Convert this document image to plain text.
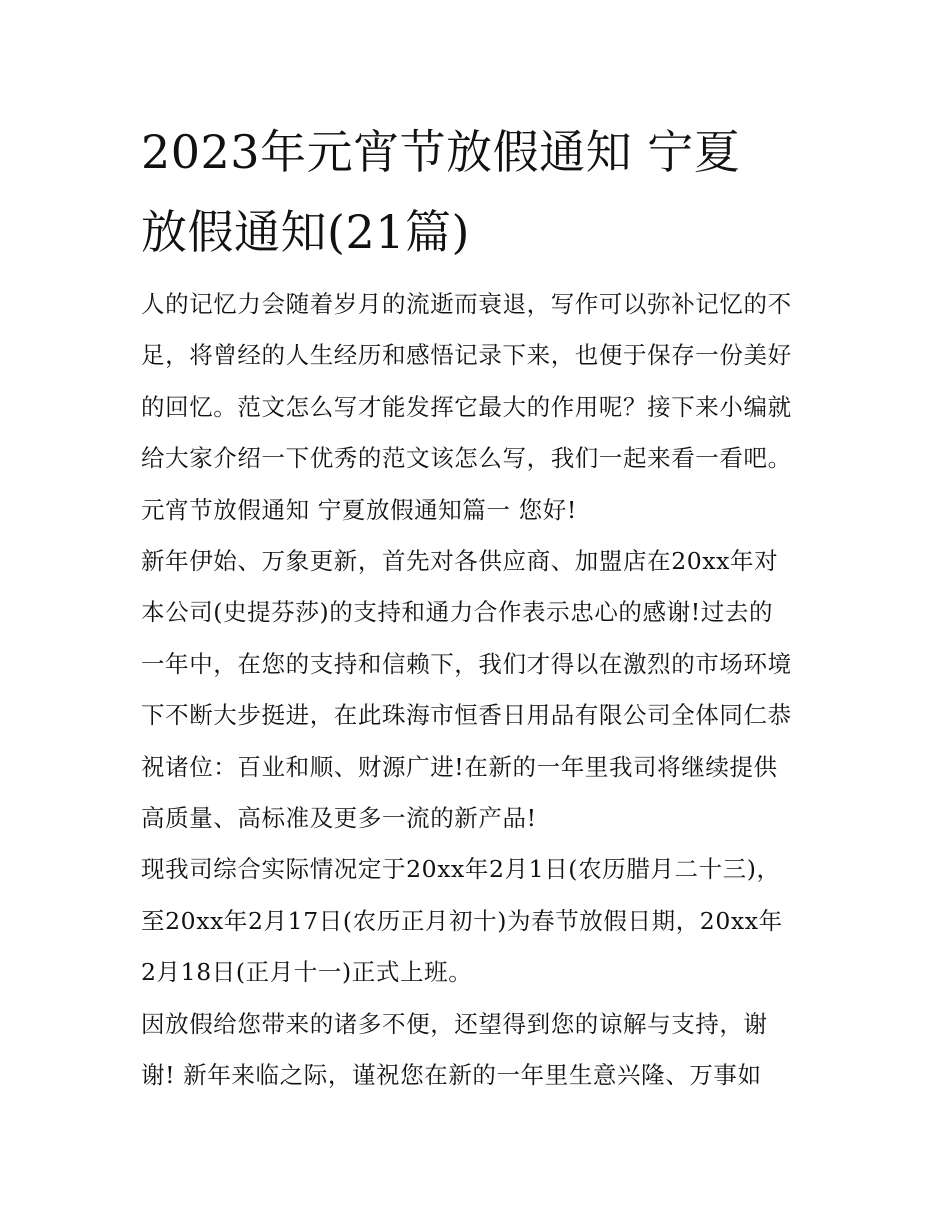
2023年元宵节放假通知 宁夏
放假通知(21篇)

人的记忆力会随着岁月的流逝而衰退，写作可以弥补记忆的不
足，将曾经的人生经历和感悟记录下来，也便于保存一份美好
的回忆。范文怎么写才能发挥它最大的作用呢？接下来小编就
给大家介绍一下优秀的范文该怎么写，我们一起来看一看吧。

元宵节放假通知 宁夏放假通知篇一 您好!

新年伊始、万象更新，首先对各供应商、加盟店在20xx年对
本公司(史提芬莎)的支持和通力合作表示忠心的感谢!过去的
一年中，在您的支持和信赖下，我们才得以在激烈的市场环境
下不断大步挺进，在此珠海市恒香日用品有限公司全体同仁恭
祝诸位：百业和顺、财源广进!在新的一年里我司将继续提供
高质量、高标准及更多一流的新产品!

现我司综合实际情况定于20xx年2月1日(农历腊月二十三)，
至20xx年2月17日(农历正月初十)为春节放假日期，20xx年
2月18日(正月十一)正式上班。

因放假给您带来的诸多不便，还望得到您的谅解与支持，谢
谢! 新年来临之际，谨祝您在新的一年里生意兴隆、万事如
